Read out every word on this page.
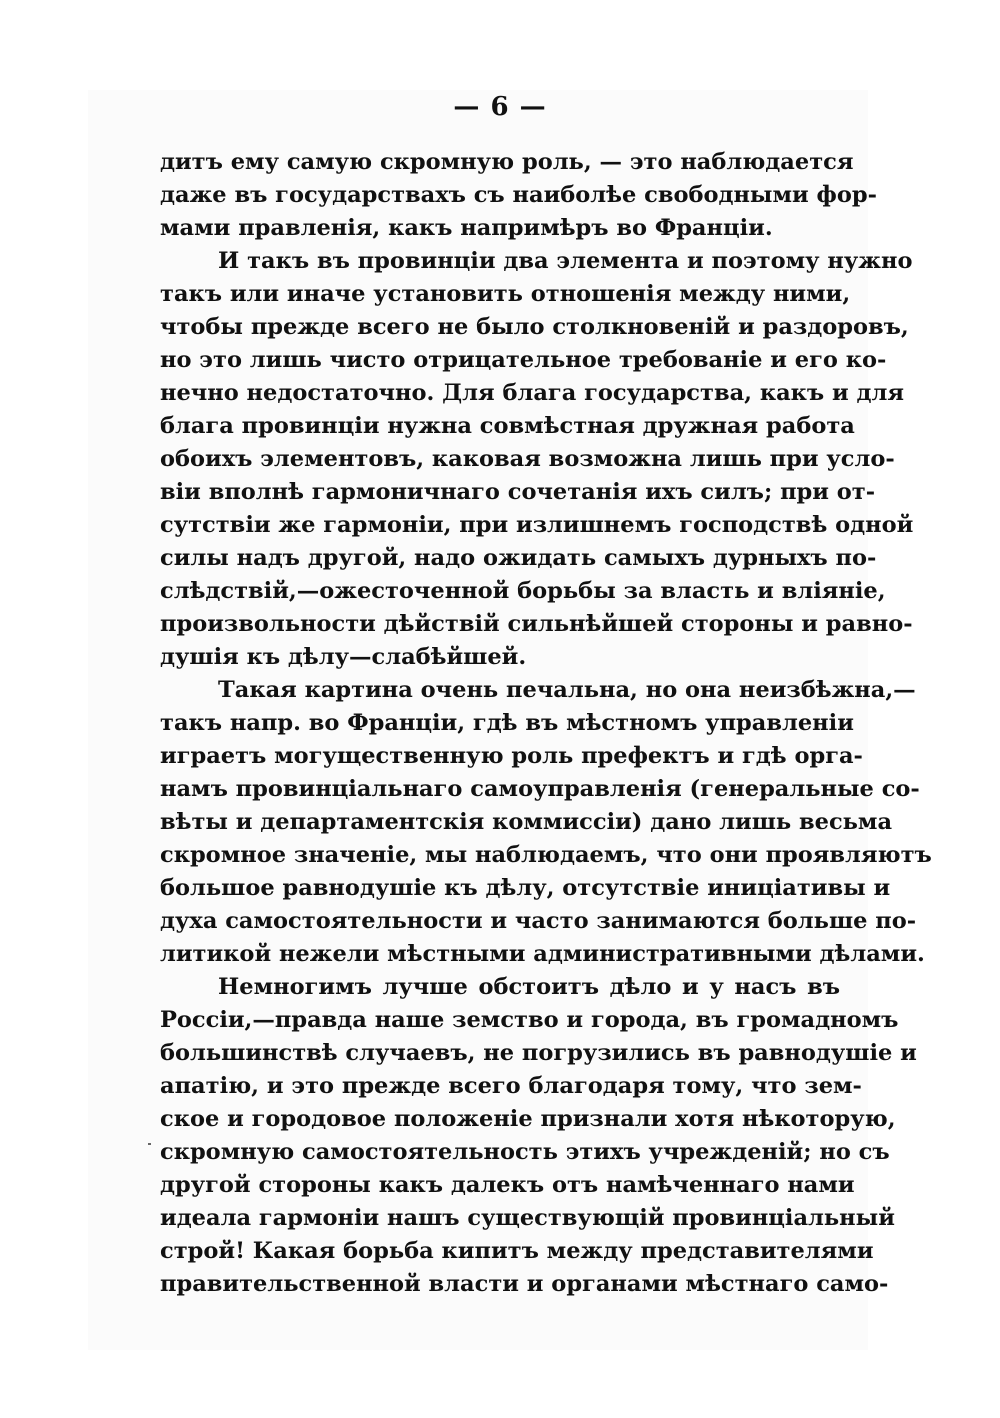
— 6 —
дитъ ему самую скромную роль, — это наблюдается
даже въ государствахъ съ наиболѣе свободными фор-
мами правленія, какъ напримѣръ во Франціи.
И такъ въ провинціи два элемента и поэтому нужно
такъ или иначе установить отношенія между ними,
чтобы прежде всего не было столкновеній и раздоровъ,
но это лишь чисто отрицательное требованіе и его ко-
нечно недостаточно. Для блага государства, какъ и для
блага провинціи нужна совмѣстная дружная работа
обоихъ элементовъ, каковая возможна лишь при усло-
віи вполнѣ гармоничнаго сочетанія ихъ силъ; при от-
сутствіи же гармоніи, при излишнемъ господствѣ одной
силы надъ другой, надо ожидать самыхъ дурныхъ по-
слѣдствій,—ожесточенной борьбы за власть и вліяніе,
произвольности дѣйствій сильнѣйшей стороны и равно-
душія къ дѣлу—слабѣйшей.
Такая картина очень печальна, но она неизбѣжна,—
такъ напр. во Франціи, гдѣ въ мѣстномъ управленіи
играетъ могущественную роль префектъ и гдѣ орга-
намъ провинціальнаго самоуправленія (генеральные со-
вѣты и департаментскія коммиссіи) дано лишь весьма
скромное значеніе, мы наблюдаемъ, что они проявляютъ
большое равнодушіе къ дѣлу, отсутствіе иниціативы и
духа самостоятельности и часто занимаются больше по-
литикой нежели мѣстными административными дѣлами.
Немногимъ лучше обстоитъ дѣло и у насъ въ
Россіи,—правда наше земство и города, въ громадномъ
большинствѣ случаевъ, не погрузились въ равнодушіе и
апатію, и это прежде всего благодаря тому, что зем-
ское и городовое положеніе признали хотя нѣкоторую,
скромную самостоятельность этихъ учрежденій; но съ
другой стороны какъ далекъ отъ намѣченнаго нами
идеала гармоніи нашъ существующій провинціальный
строй! Какая борьба кипитъ между представителями
правительственной власти и органами мѣстнаго само-
